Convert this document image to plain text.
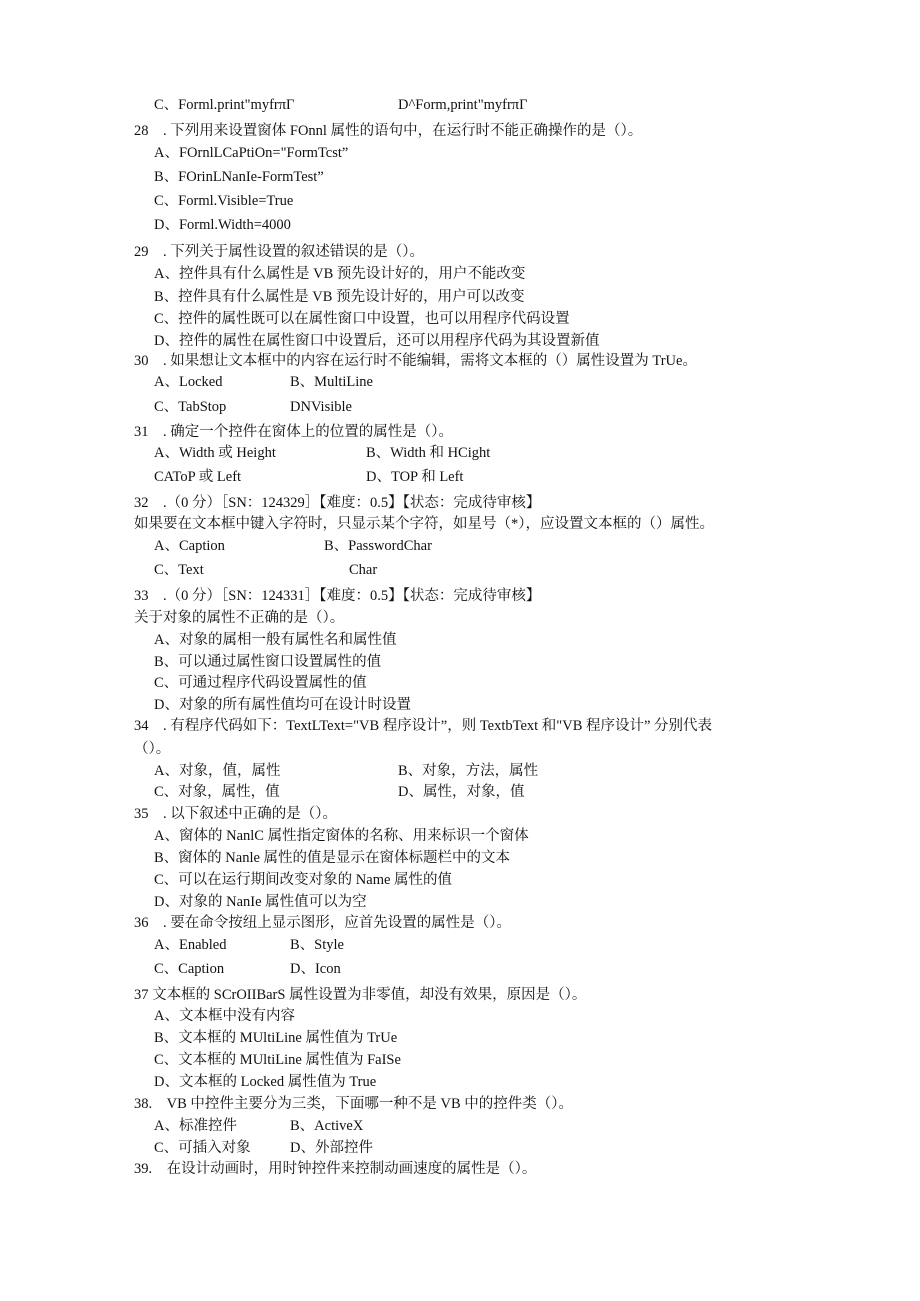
C、Forml.print"myfrπΓ	D^Form,print"myfrπΓ
28　. 下列用来设置窗体 FOnnl 属性的语句中，在运行时不能正确操作的是（）。
A、FOrnlLCaPtiOn="FormTcst”
B、FOrinLNanIe-FormTest”
C、Forml.Visible=True
D、Forml.Width=4000
29　. 下列关于属性设置的叙述错误的是（）。
A、控件具有什么属性是 VB 预先设计好的，用户不能改变
B、控件具有什么属性是 VB 预先设计好的，用户可以改变
C、控件的属性既可以在属性窗口中设置，也可以用程序代码设置
D、控件的属性在属性窗口中设置后，还可以用程序代码为其设置新值
30　. 如果想让文本框中的内容在运行时不能编辑，需将文本框的（）属性设置为 TrUe。
A、Locked	B、MultiLine
C、TabStop	DNVisible
31　. 确定一个控件在窗体上的位置的属性是（）。
A、Width 或 Height	B、Width 和 HCight
CAToP 或 Left	D、TOP 和 Left
32　.（0 分）［SN：124329］【难度：0.5】【状态：完成待审核】
如果要在文本框中键入字符时，只显示某个字符，如星号（*），应设置文本框的（）属性。
A、Caption	B、PasswordChar
C、Text	Char
33　.（0 分）［SN：124331］【难度：0.5】【状态：完成待审核】
关于对象的属性不正确的是（）。
A、对象的属相一般有属性名和属性值
B、可以通过属性窗口设置属性的值
C、可通过程序代码设置属性的值
D、对象的所有属性值均可在设计时设置
34　. 有程序代码如下：TextLText="VB 程序设计”，则 TextbText 和"VB 程序设计” 分别代表
（）。
A、对象，值，属性	B、对象，方法，属性
C、对象，属性，值	D、属性，对象，值
35　. 以下叙述中正确的是（）。
A、窗体的 NanlC 属性指定窗体的名称、用来标识一个窗体
B、窗体的 Nanle 属性的值是显示在窗体标题栏中的文本
C、可以在运行期间改变对象的 Name 属性的值
D、对象的 NanIe 属性值可以为空
36　. 要在命令按纽上显示图形，应首先设置的属性是（）。
A、Enabled	B、Style
C、Caption	D、Icon
37 文本框的 SCrOIIBarS 属性设置为非零值，却没有效果，原因是（）。
A、文本框中没有内容
B、文本框的 MUltiLine 属性值为 TrUe
C、文本框的 MUltiLine 属性值为 FaISe
D、文本框的 Locked 属性值为 True
38.　VB 中控件主要分为三类，下面哪一种不是 VB 中的控件类（）。
A、标准控件	B、ActiveX
C、可插入对象	D、外部控件
39.　在设计动画时，用时钟控件来控制动画速度的属性是（）。
